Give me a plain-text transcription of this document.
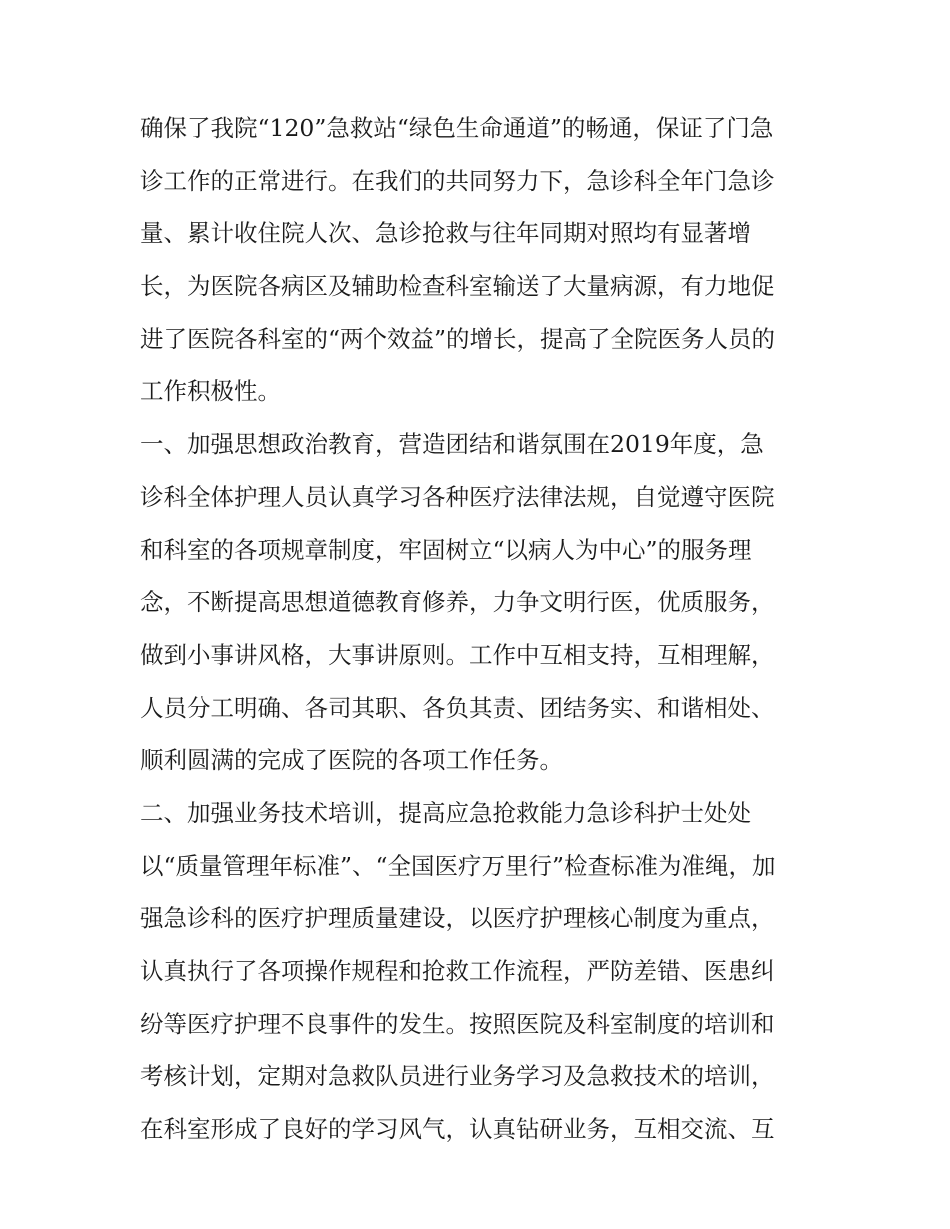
确保了我院“120”急救站“绿色生命通道”的畅通，保证了门急
诊工作的正常进行。在我们的共同努力下，急诊科全年门急诊
量、累计收住院人次、急诊抢救与往年同期对照均有显著增
长，为医院各病区及辅助检查科室输送了大量病源，有力地促
进了医院各科室的“两个效益”的增长，提高了全院医务人员的
工作积极性。
一、加强思想政治教育，营造团结和谐氛围在2019年度，急
诊科全体护理人员认真学习各种医疗法律法规，自觉遵守医院
和科室的各项规章制度，牢固树立“以病人为中心”的服务理
念，不断提高思想道德教育修养，力争文明行医，优质服务，
做到小事讲风格，大事讲原则。工作中互相支持，互相理解，
人员分工明确、各司其职、各负其责、团结务实、和谐相处、
顺利圆满的完成了医院的各项工作任务。
二、加强业务技术培训，提高应急抢救能力急诊科护士处处
以“质量管理年标准”、“全国医疗万里行”检查标准为准绳，加
强急诊科的医疗护理质量建设，以医疗护理核心制度为重点，
认真执行了各项操作规程和抢救工作流程，严防差错、医患纠
纷等医疗护理不良事件的发生。按照医院及科室制度的培训和
考核计划，定期对急救队员进行业务学习及急救技术的培训，
在科室形成了良好的学习风气，认真钻研业务，互相交流、互
